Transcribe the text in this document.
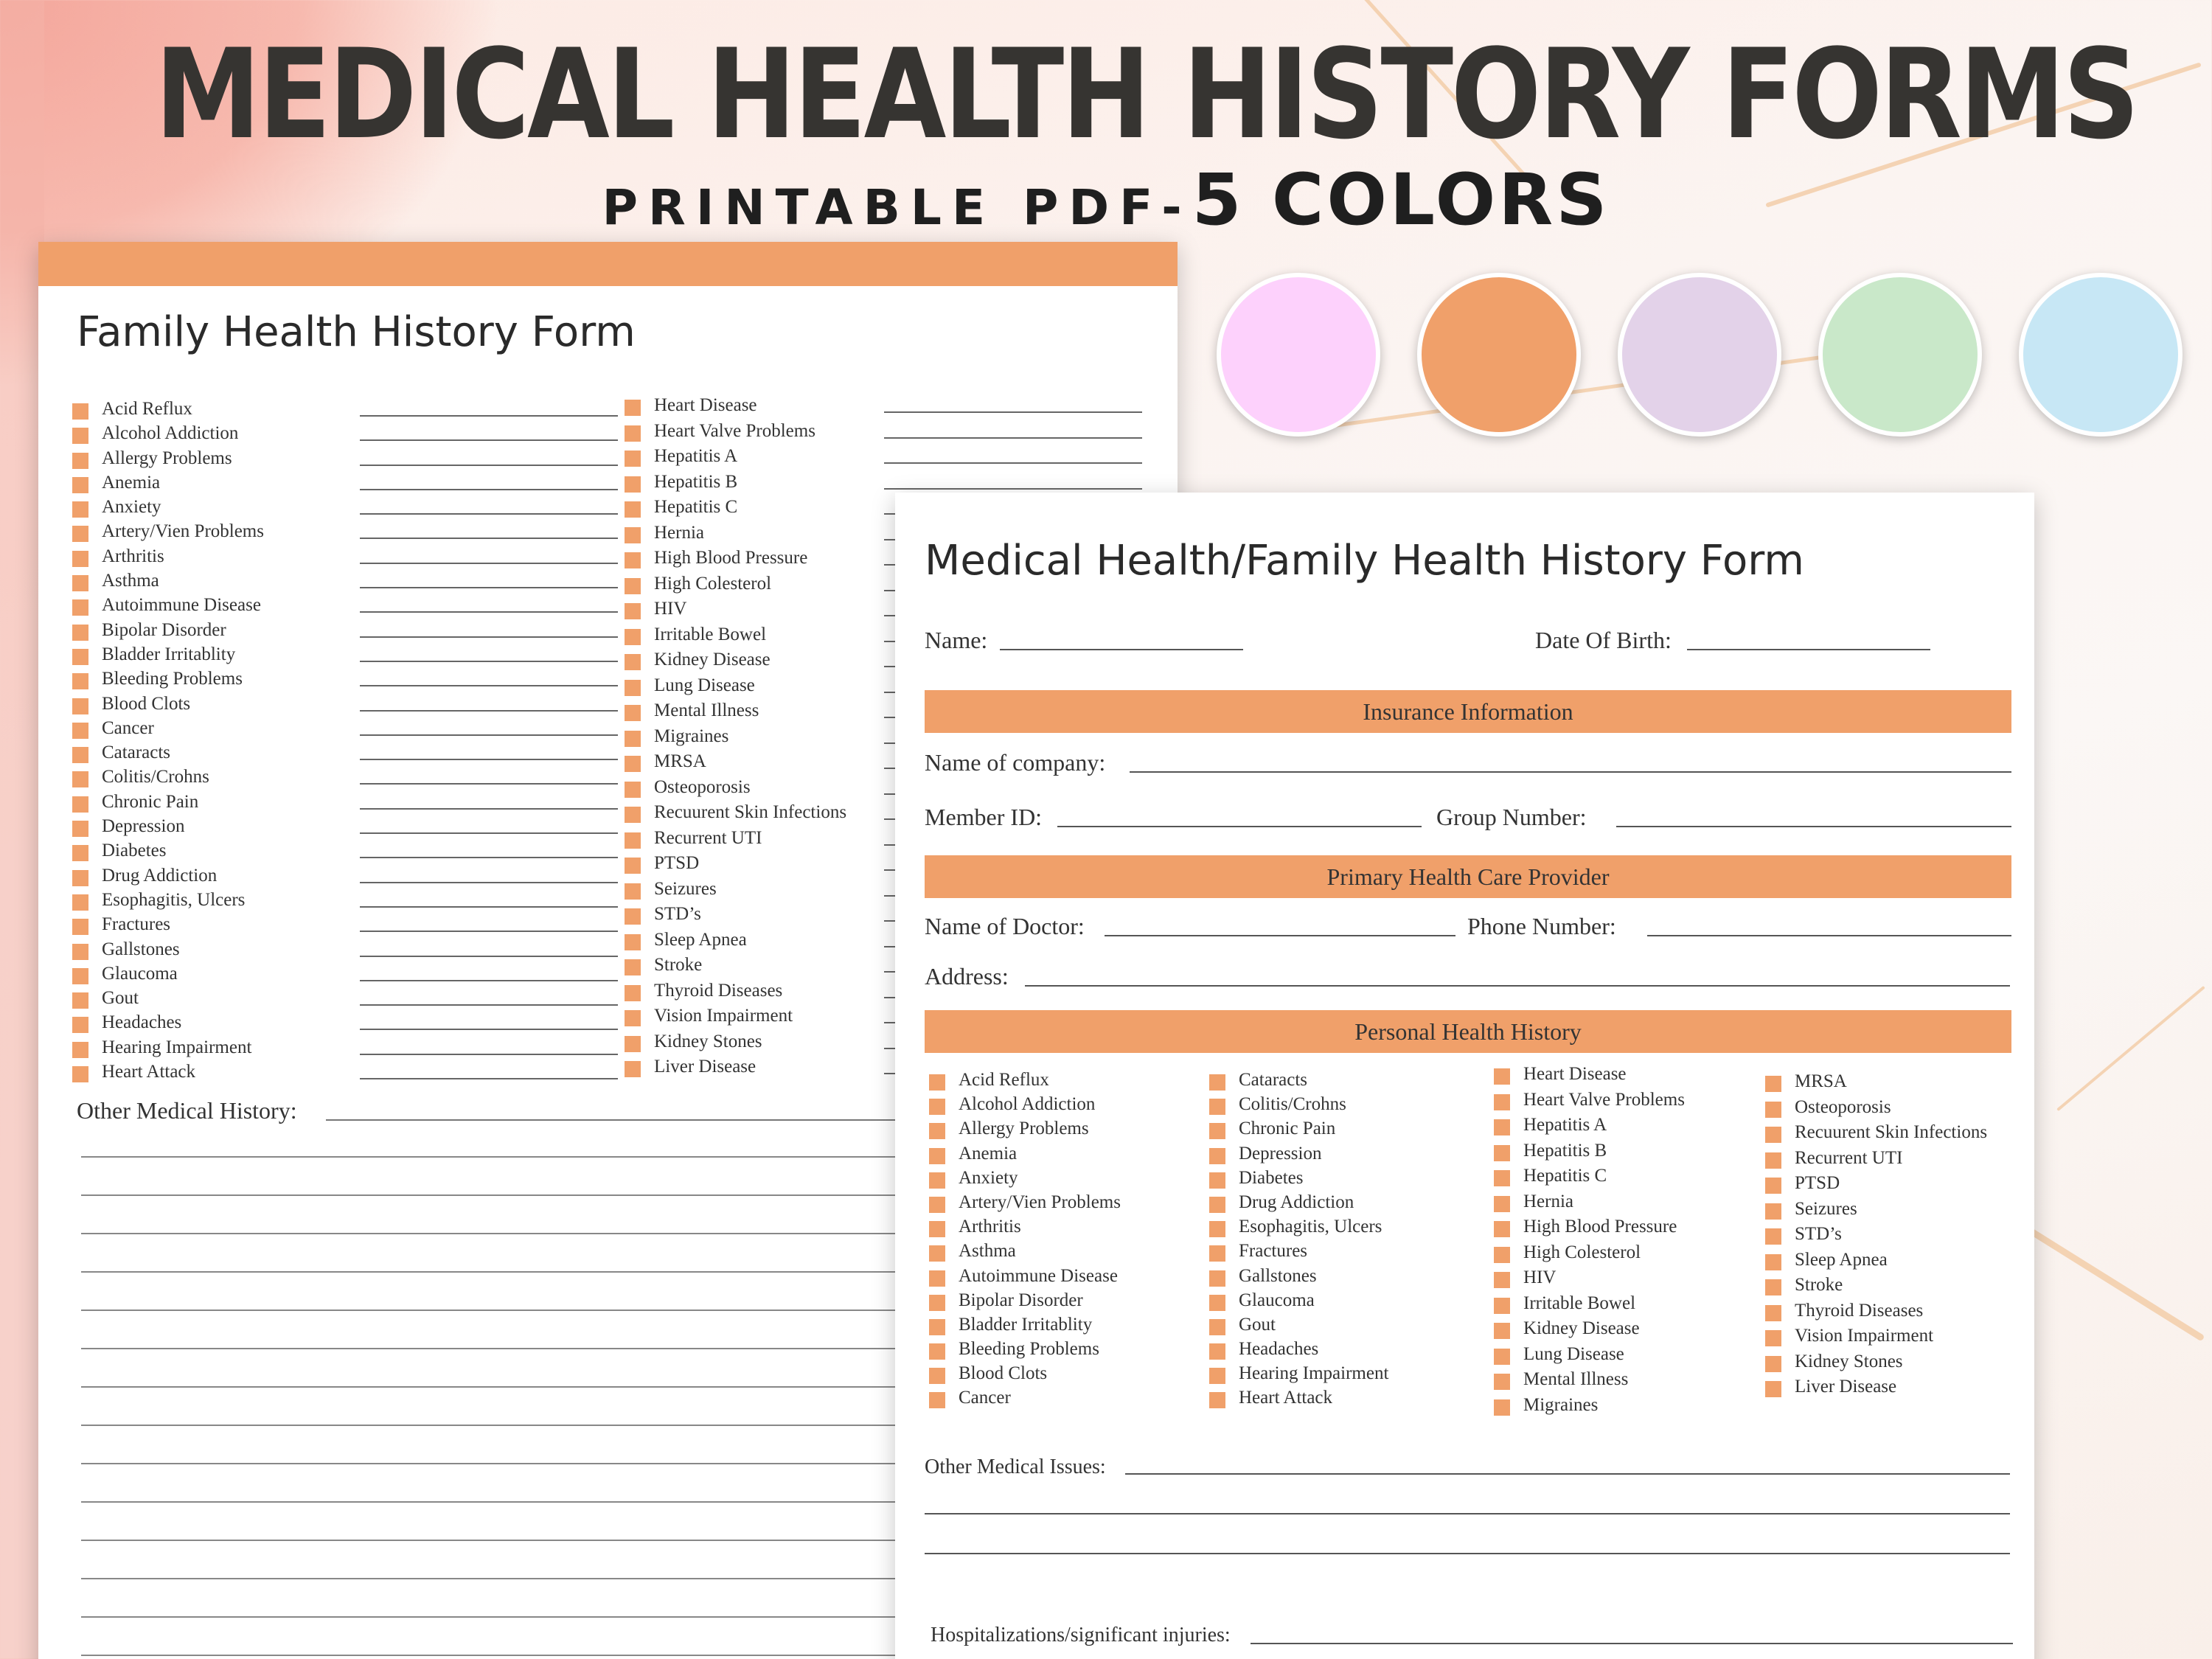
MEDICAL HEALTH HISTORY FORMS
PRINTABLE PDF-5 COLORS
Family Health History Form
Acid Reflux
Alcohol Addiction
Allergy Problems
Anemia
Anxiety
Artery/Vien Problems
Arthritis
Asthma
Autoimmune Disease
Bipolar Disorder
Bladder Irritablity
Bleeding Problems
Blood Clots
Cancer
Cataracts
Colitis/Crohns
Chronic Pain
Depression
Diabetes
Drug Addiction
Esophagitis, Ulcers
Fractures
Gallstones
Glaucoma
Gout
Headaches
Hearing Impairment
Heart Attack
Heart Disease
Heart Valve Problems
Hepatitis A
Hepatitis B
Hepatitis C
Hernia
High Blood Pressure
High Colesterol
HIV
Irritable Bowel
Kidney Disease
Lung Disease
Mental Illness
Migraines
MRSA
Osteoporosis
Recuurent Skin Infections
Recurrent UTI
PTSD
Seizures
STD’s
Sleep Apnea
Stroke
Thyroid Diseases
Vision Impairment
Kidney Stones
Liver Disease
Other Medical History:
Medical Health/Family Health History Form
Name:	Date Of Birth:
Insurance Information
Name of company:
Member ID:	Group Number:
Primary Health Care Provider
Name of Doctor:	Phone Number:
Address:
Personal Health History
Acid Reflux
Alcohol Addiction
Allergy Problems
Anemia
Anxiety
Artery/Vien Problems
Arthritis
Asthma
Autoimmune Disease
Bipolar Disorder
Bladder Irritablity
Bleeding Problems
Blood Clots
Cancer
Cataracts
Colitis/Crohns
Chronic Pain
Depression
Diabetes
Drug Addiction
Esophagitis, Ulcers
Fractures
Gallstones
Glaucoma
Gout
Headaches
Hearing Impairment
Heart Attack
Heart Disease
Heart Valve Problems
Hepatitis A
Hepatitis B
Hepatitis C
Hernia
High Blood Pressure
High Colesterol
HIV
Irritable Bowel
Kidney Disease
Lung Disease
Mental Illness
Migraines
MRSA
Osteoporosis
Recuurent Skin Infections
Recurrent UTI
PTSD
Seizures
STD’s
Sleep Apnea
Stroke
Thyroid Diseases
Vision Impairment
Kidney Stones
Liver Disease
Other Medical Issues:
Hospitalizations/significant injuries:
